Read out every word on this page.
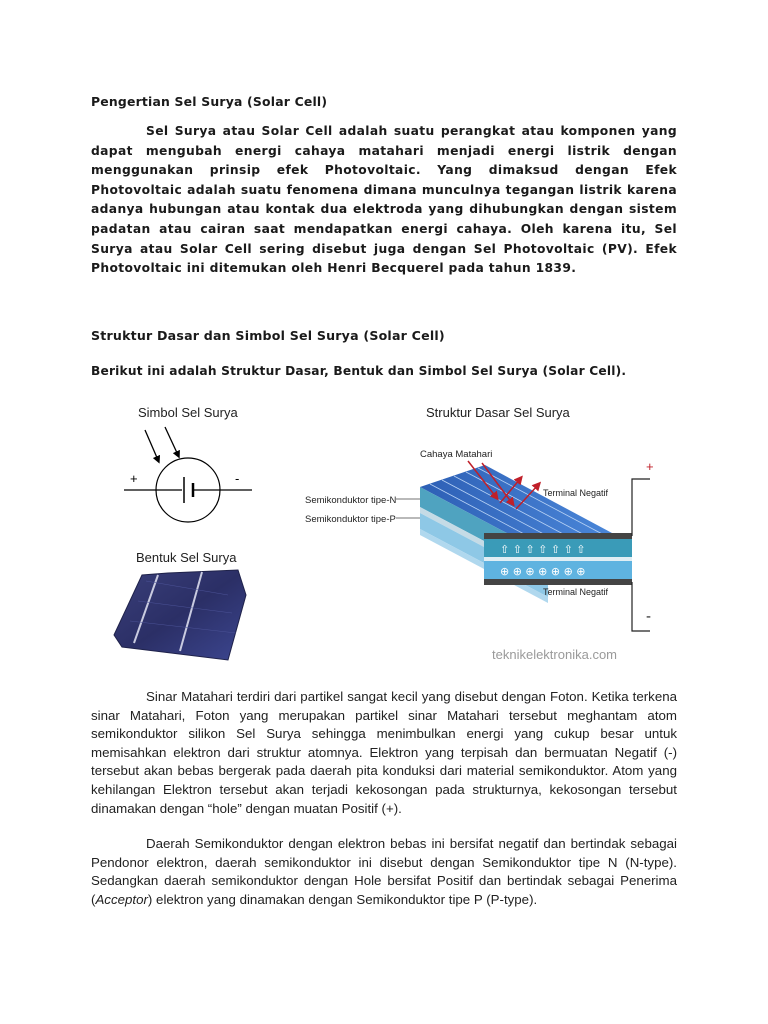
Pengertian Sel Surya (Solar Cell)
Sel Surya atau Solar Cell adalah suatu perangkat atau komponen yang dapat mengubah energi cahaya matahari menjadi energi listrik dengan menggunakan prinsip efek Photovoltaic. Yang dimaksud dengan Efek Photovoltaic adalah suatu fenomena dimana munculnya tegangan listrik karena adanya hubungan atau kontak dua elektroda yang dihubungkan dengan sistem padatan atau cairan saat mendapatkan energi cahaya. Oleh karena itu, Sel Surya atau Solar Cell sering disebut juga dengan Sel Photovoltaic (PV). Efek Photovoltaic ini ditemukan oleh Henri Becquerel pada tahun 1839.
Struktur Dasar dan Simbol Sel Surya (Solar Cell)
Berikut ini adalah Struktur Dasar, Bentuk dan Simbol Sel Surya (Solar Cell).
Simbol Sel Surya
+	-
Bentuk Sel Surya
Struktur Dasar Sel Surya
Cahaya Matahari
Semikonduktor tipe-N
Semikonduktor tipe-P
⇧ ⇧ ⇧ ⇧ ⇧ ⇧ ⇧
⊕ ⊕ ⊕ ⊕ ⊕ ⊕ ⊕
+
-
Terminal Negatif
Terminal Negatif
teknikelektronika.com
Sinar Matahari terdiri dari partikel sangat kecil yang disebut dengan Foton. Ketika terkena sinar Matahari, Foton yang merupakan partikel sinar Matahari tersebut meghantam atom semikonduktor silikon Sel Surya sehingga menimbulkan energi yang cukup besar untuk memisahkan elektron dari struktur atomnya. Elektron yang terpisah dan bermuatan Negatif (-) tersebut akan bebas bergerak pada daerah pita konduksi dari material semikonduktor. Atom yang kehilangan Elektron tersebut akan terjadi kekosongan pada strukturnya, kekosongan tersebut dinamakan dengan “hole” dengan muatan Positif (+).
Daerah Semikonduktor dengan elektron bebas ini bersifat negatif dan bertindak sebagai Pendonor elektron, daerah semikonduktor ini disebut dengan Semikonduktor tipe N (N-type). Sedangkan daerah semikonduktor dengan Hole bersifat Positif dan bertindak sebagai Penerima (Acceptor) elektron yang dinamakan dengan Semikonduktor tipe P (P-type).
